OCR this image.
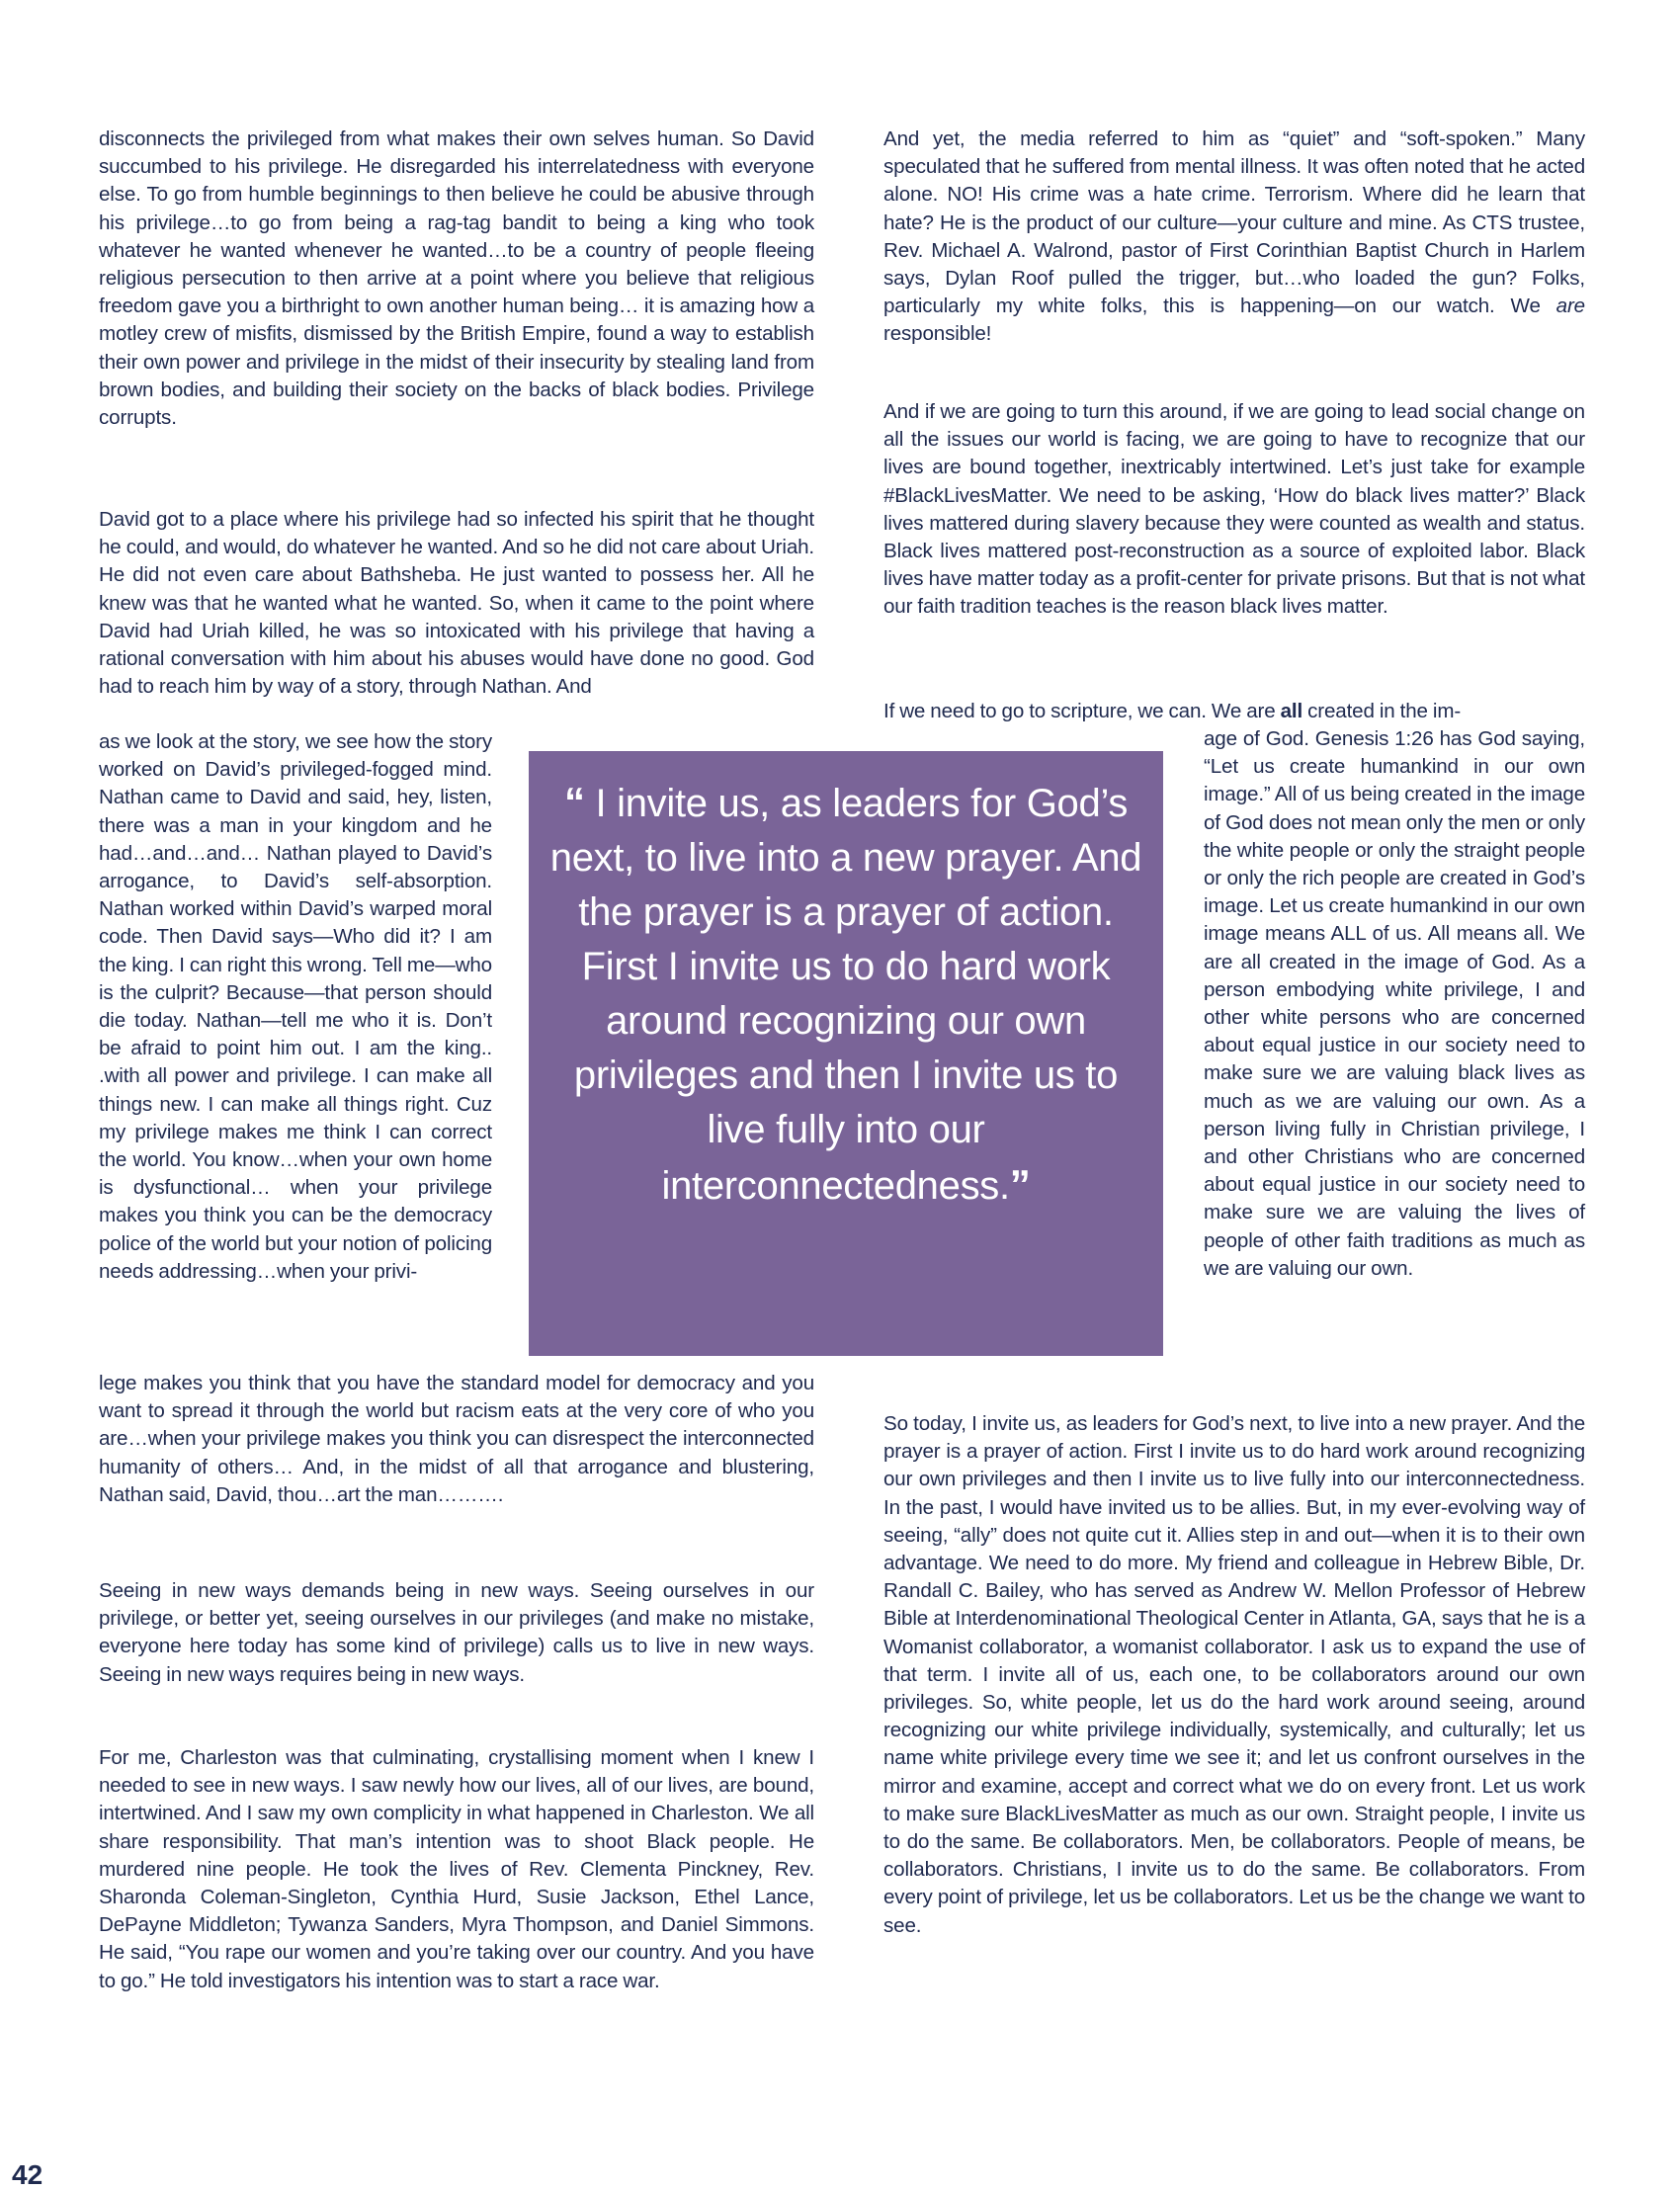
disconnects the privileged from what makes their own selves human. So David succumbed to his privilege. He disregarded his interrelatedness with everyone else. To go from humble beginnings to then believe he could be abusive through his privilege…to go from being a rag-tag bandit to being a king who took whatever he wanted whenever he wanted…to be a country of people fleeing religious persecution to then arrive at a point where you believe that religious freedom gave you a birthright to own another human being… it is amazing how a motley crew of misfits, dismissed by the British Empire, found a way to establish their own power and privilege in the midst of their insecurity by stealing land from brown bodies, and building their society on the backs of black bodies. Privilege corrupts.

David got to a place where his privilege had so infected his spirit that he thought he could, and would, do whatever he wanted. And so he did not care about Uriah. He did not even care about Bathsheba. He just wanted to possess her. All he knew was that he wanted what he wanted. So, when it came to the point where David had Uriah killed, he was so intoxicated with his privilege that having a rational conversation with him about his abuses would have done no good. God had to reach him by way of a story, through Nathan. And

as we look at the story, we see how the story worked on David’s privileged-fogged mind. Nathan came to David and said, hey, listen, there was a man in your kingdom and he had…and…and… Nathan played to David’s arrogance, to David’s self-absorption. Nathan worked within David’s warped moral code. Then David says—Who did it? I am the king. I can right this wrong. Tell me—who is the culprit? Because—that person should die today. Nathan—tell me who it is. Don’t be afraid to point him out. I am the king.. .with all power and privilege. I can make all things new. I can make all things right. Cuz my privilege makes me think I can correct the world. You know…when your own home is dysfunctional… when your privilege makes you think you can be the democracy police of the world but your notion of policing needs addressing…when your privi-

lege makes you think that you have the standard model for democracy and you want to spread it through the world but racism eats at the very core of who you are…when your privilege makes you think you can disrespect the interconnected humanity of others… And, in the midst of all that arrogance and blustering, Nathan said, David, thou…art the man……….

Seeing in new ways demands being in new ways. Seeing ourselves in our privilege, or better yet, seeing ourselves in our privileges (and make no mistake, everyone here today has some kind of privilege) calls us to live in new ways. Seeing in new ways requires being in new ways.

For me, Charleston was that culminating, crystallising moment when I knew I needed to see in new ways. I saw newly how our lives, all of our lives, are bound, intertwined. And I saw my own complicity in what happened in Charleston. We all share responsibility. That man’s intention was to shoot Black people. He murdered nine people. He took the lives of Rev. Clementa Pinckney, Rev. Sharonda Coleman-Singleton, Cynthia Hurd, Susie Jackson, Ethel Lance, DePayne Middleton; Tywanza Sanders, Myra Thompson, and Daniel Simmons. He said, “You rape our women and you’re taking over our country. And you have to go.” He told investigators his intention was to start a race war.

And yet, the media referred to him as “quiet” and “soft-spoken.” Many speculated that he suffered from mental illness. It was often noted that he acted alone. NO! His crime was a hate crime. Terrorism. Where did he learn that hate? He is the product of our culture—your culture and mine. As CTS trustee, Rev. Michael A. Walrond, pastor of First Corinthian Baptist Church in Harlem says, Dylan Roof pulled the trigger, but…who loaded the gun? Folks, particularly my white folks, this is happening—on our watch. We are responsible!

And if we are going to turn this around, if we are going to lead social change on all the issues our world is facing, we are going to have to recognize that our lives are bound together, inextricably intertwined. Let’s just take for example #BlackLivesMatter. We need to be asking, ‘How do black lives matter?’ Black lives mattered during slavery because they were counted as wealth and status. Black lives mattered post-reconstruction as a source of exploited labor. Black lives have matter today as a profit-center for private prisons. But that is not what our faith tradition teaches is the reason black lives matter.

If we need to go to scripture, we can. We are all created in the im-

age of God. Genesis 1:26 has God saying, “Let us create humankind in our own image.” All of us being created in the image of God does not mean only the men or only the white people or only the straight people or only the rich people are created in God’s image. Let us create humankind in our own image means ALL of us. All means all. We are all created in the image of God. As a person embodying white privilege, I and other white persons who are concerned about equal justice in our society need to make sure we are valuing black lives as much as we are valuing our own. As a person living fully in Christian privilege, I and other Christians who are concerned about equal justice in our society need to make sure we are valuing the lives of people of other faith traditions as much as we are valuing our own.

So today, I invite us, as leaders for God’s next, to live into a new prayer. And the prayer is a prayer of action. First I invite us to do hard work around recognizing our own privileges and then I invite us to live fully into our interconnectedness. In the past, I would have invited us to be allies. But, in my ever-evolving way of seeing, “ally” does not quite cut it. Allies step in and out—when it is to their own advantage. We need to do more. My friend and colleague in Hebrew Bible, Dr. Randall C. Bailey, who has served as Andrew W. Mellon Professor of Hebrew Bible at Interdenominational Theological Center in Atlanta, GA, says that he is a Womanist collaborator, a womanist collaborator. I ask us to expand the use of that term. I invite all of us, each one, to be collaborators around our own privileges. So, white people, let us do the hard work around seeing, around recognizing our white privilege individually, systemically, and culturally; let us name white privilege every time we see it; and let us confront ourselves in the mirror and examine, accept and correct what we do on every front. Let us work to make sure BlackLivesMatter as much as our own. Straight people, I invite us to do the same. Be collaborators. Men, be collaborators. People of means, be collaborators. Christians, I invite us to do the same. Be collaborators. From every point of privilege, let us be collaborators. Let us be the change we want to see.

“ I invite us, as leaders for God’s next, to live into a new prayer. And the prayer is a prayer of action. First I invite us to do hard work around recognizing our own privileges and then I invite us to live fully into our interconnectedness.”
42
